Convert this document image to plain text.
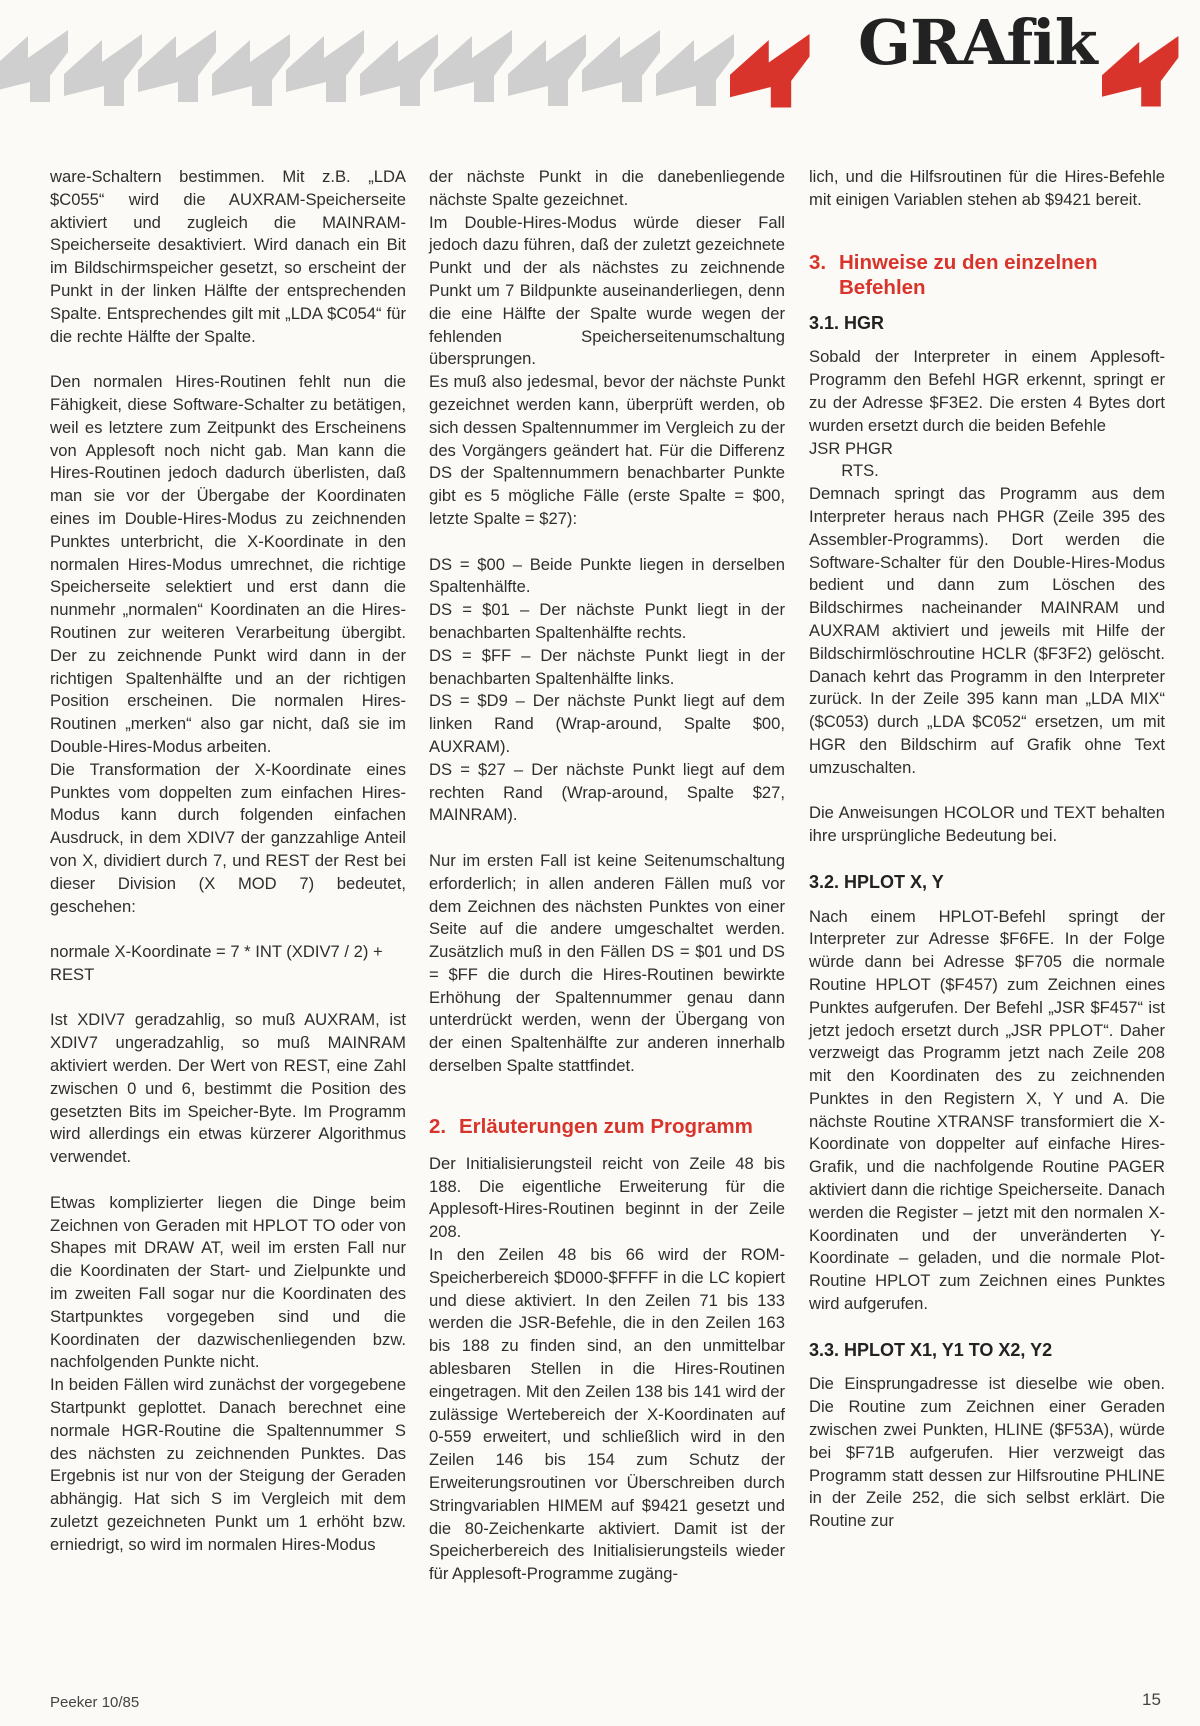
GRAfik

ware-Schaltern bestimmen. Mit z.B. „LDA $C055“ wird die AUXRAM-Speicherseite aktiviert und zugleich die MAINRAM-Speicherseite desaktiviert. Wird danach ein Bit im Bildschirmspeicher gesetzt, so erscheint der Punkt in der linken Hälfte der entsprechenden Spalte. Entsprechendes gilt mit „LDA $C054“ für die rechte Hälfte der Spalte.

Den normalen Hires-Routinen fehlt nun die Fähigkeit, diese Software-Schalter zu betätigen, weil es letztere zum Zeitpunkt des Erscheinens von Applesoft noch nicht gab. Man kann die Hires-Routinen jedoch dadurch überlisten, daß man sie vor der Übergabe der Koordinaten eines im Double-Hires-Modus zu zeichnenden Punktes unterbricht, die X-Koordinate in den normalen Hires-Modus umrechnet, die richtige Speicherseite selektiert und erst dann die nunmehr „normalen“ Koordinaten an die Hires-Routinen zur weiteren Verarbeitung übergibt. Der zu zeichnende Punkt wird dann in der richtigen Spaltenhälfte und an der richtigen Position erscheinen. Die normalen Hires-Routinen „merken“ also gar nicht, daß sie im Double-Hires-Modus arbeiten.

Die Transformation der X-Koordinate eines Punktes vom doppelten zum einfachen Hires-Modus kann durch folgenden einfachen Ausdruck, in dem XDIV7 der ganzzahlige Anteil von X, dividiert durch 7, und REST der Rest bei dieser Division (X MOD 7) bedeutet, geschehen:

normale X-Koordinate = 7 * INT (XDIV7 / 2) + REST

Ist XDIV7 geradzahlig, so muß AUXRAM, ist XDIV7 ungeradzahlig, so muß MAINRAM aktiviert werden. Der Wert von REST, eine Zahl zwischen 0 und 6, bestimmt die Position des gesetzten Bits im Speicher-Byte. Im Programm wird allerdings ein etwas kürzerer Algorithmus verwendet.

Etwas komplizierter liegen die Dinge beim Zeichnen von Geraden mit HPLOT TO oder von Shapes mit DRAW AT, weil im ersten Fall nur die Koordinaten der Start- und Zielpunkte und im zweiten Fall sogar nur die Koordinaten des Startpunktes vorgegeben sind und die Koordinaten der dazwischenliegenden bzw. nachfolgenden Punkte nicht.

In beiden Fällen wird zunächst der vorgegebene Startpunkt geplottet. Danach berechnet eine normale HGR-Routine die Spaltennummer S des nächsten zu zeichnenden Punktes. Das Ergebnis ist nur von der Steigung der Geraden abhängig. Hat sich S im Vergleich mit dem zuletzt gezeichneten Punkt um 1 erhöht bzw. erniedrigt, so wird im normalen Hires-Modus

der nächste Punkt in die danebenliegende nächste Spalte gezeichnet.

Im Double-Hires-Modus würde dieser Fall jedoch dazu führen, daß der zuletzt gezeichnete Punkt und der als nächstes zu zeichnende Punkt um 7 Bildpunkte auseinanderliegen, denn die eine Hälfte der Spalte wurde wegen der fehlenden Speicherseitenumschaltung übersprungen.

Es muß also jedesmal, bevor der nächste Punkt gezeichnet werden kann, überprüft werden, ob sich dessen Spaltennummer im Vergleich zu der des Vorgängers geändert hat. Für die Differenz DS der Spaltennummern benachbarter Punkte gibt es 5 mögliche Fälle (erste Spalte = $00, letzte Spalte = $27):

DS = $00 – Beide Punkte liegen in derselben Spaltenhälfte.

DS = $01 – Der nächste Punkt liegt in der benachbarten Spaltenhälfte rechts.

DS = $FF – Der nächste Punkt liegt in der benachbarten Spaltenhälfte links.

DS = $D9 – Der nächste Punkt liegt auf dem linken Rand (Wrap-around, Spalte $00, AUXRAM).

DS = $27 – Der nächste Punkt liegt auf dem rechten Rand (Wrap-around, Spalte $27, MAINRAM).

Nur im ersten Fall ist keine Seitenumschaltung erforderlich; in allen anderen Fällen muß vor dem Zeichnen des nächsten Punktes von einer Seite auf die andere umgeschaltet werden. Zusätzlich muß in den Fällen DS = $01 und DS = $FF die durch die Hires-Routinen bewirkte Erhöhung der Spaltennummer genau dann unterdrückt werden, wenn der Übergang von der einen Spaltenhälfte zur anderen innerhalb derselben Spalte stattfindet.

2. Erläuterungen zum Programm

Der Initialisierungsteil reicht von Zeile 48 bis 188. Die eigentliche Erweiterung für die Applesoft-Hires-Routinen beginnt in der Zeile 208.

In den Zeilen 48 bis 66 wird der ROM-Speicherbereich $D000-$FFFF in die LC kopiert und diese aktiviert. In den Zeilen 71 bis 133 werden die JSR-Befehle, die in den Zeilen 163 bis 188 zu finden sind, an den unmittelbar ablesbaren Stellen in die Hires-Routinen eingetragen. Mit den Zeilen 138 bis 141 wird der zulässige Wertebereich der X-Koordinaten auf 0-559 erweitert, und schließlich wird in den Zeilen 146 bis 154 zum Schutz der Erweiterungsroutinen vor Überschreiben durch Stringvariablen HIMEM auf $9421 gesetzt und die 80-Zeichenkarte aktiviert. Damit ist der Speicherbereich des Initialisierungsteils wieder für Applesoft-Programme zugäng-

lich, und die Hilfsroutinen für die Hires-Befehle mit einigen Variablen stehen ab $9421 bereit.

3. Hinweise zu den einzelnen
Befehlen
3.1. HGR

Sobald der Interpreter in einem Applesoft-Programm den Befehl HGR erkennt, springt er zu der Adresse $F3E2. Die ersten 4 Bytes dort wurden ersetzt durch die beiden Befehle

JSR PHGR
RTS.

Demnach springt das Programm aus dem Interpreter heraus nach PHGR (Zeile 395 des Assembler-Programms). Dort werden die Software-Schalter für den Double-Hires-Modus bedient und dann zum Löschen des Bildschirmes nacheinander MAINRAM und AUXRAM aktiviert und jeweils mit Hilfe der Bildschirmlöschroutine HCLR ($F3F2) gelöscht. Danach kehrt das Programm in den Interpreter zurück. In der Zeile 395 kann man „LDA MIX“ ($C053) durch „LDA $C052“ ersetzen, um mit HGR den Bildschirm auf Grafik ohne Text umzuschalten.

Die Anweisungen HCOLOR und TEXT behalten ihre ursprüngliche Bedeutung bei.

3.2. HPLOT X, Y

Nach einem HPLOT-Befehl springt der Interpreter zur Adresse $F6FE. In der Folge würde dann bei Adresse $F705 die normale Routine HPLOT ($F457) zum Zeichnen eines Punktes aufgerufen. Der Befehl „JSR $F457“ ist jetzt jedoch ersetzt durch „JSR PPLOT“. Daher verzweigt das Programm jetzt nach Zeile 208 mit den Koordinaten des zu zeichnenden Punktes in den Registern X, Y und A. Die nächste Routine XTRANSF transformiert die X-Koordinate von doppelter auf einfache Hires-Grafik, und die nachfolgende Routine PAGER aktiviert dann die richtige Speicherseite. Danach werden die Register – jetzt mit den normalen X-Koordinaten und der unveränderten Y-Koordinate – geladen, und die normale Plot-Routine HPLOT zum Zeichnen eines Punktes wird aufgerufen.

3.3. HPLOT X1, Y1 TO X2, Y2

Die Einsprungadresse ist dieselbe wie oben. Die Routine zum Zeichnen einer Geraden zwischen zwei Punkten, HLINE ($F53A), würde bei $F71B aufgerufen. Hier verzweigt das Programm statt dessen zur Hilfsroutine PHLINE in der Zeile 252, die sich selbst erklärt. Die Routine zur

Peeker 10/85	15
